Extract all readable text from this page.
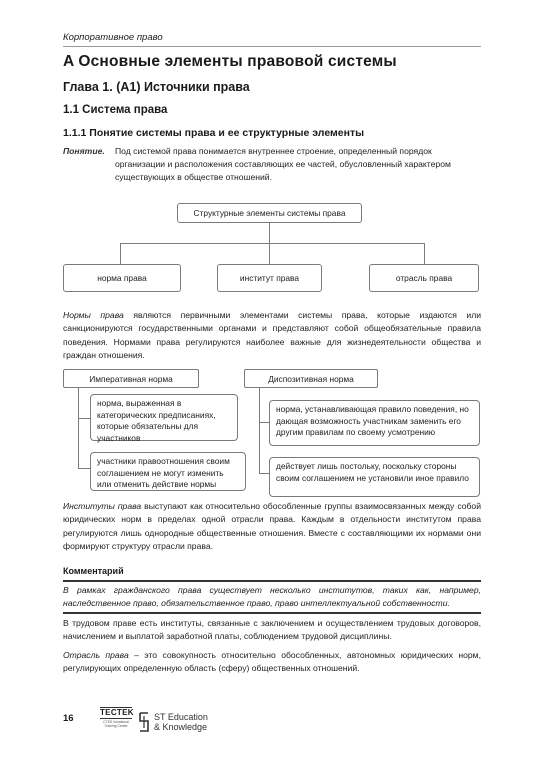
Корпоративное право
A Основные элементы правовой системы
Глава 1. (А1) Источники права
1.1 Система права
1.1.1 Понятие системы права и ее структурные элементы
Понятие. Под системой права понимается внутреннее строение, определенный порядок организации и расположения составляющих ее частей, обусловленный характером существующих в обществе отношений.
Структурные элементы системы права
норма права	институт права	отрасль права
Нормы права являются первичными элементами системы права, которые издаются или санкционируются государственными органами и представляют собой общеобязательные правила поведения. Нормами права регулируются наиболее важные для жизнедеятельности общества и граждан отношения.
Императивная норма
норма, выраженная в категорических предписаниях, которые обязательны для участников
участники правоотношения своим соглашением не могут изменить или отменить действие нормы
Диспозитивная норма
норма, устанавливающая правило поведения, но дающая возможность участникам заменить его другим правилам по своему усмотрению
действует лишь постольку, поскольку стороны своим соглашением не установили иное правило
Институты права выступают как относительно обособленные группы взаимосвязанных между собой юридических норм в пределах одной отрасли права. Каждым в отдельности институтом права регулируются лишь однородные общественные отношения. Вместе с составляющими их нормами они формируют структуру отрасли права.
Комментарий
В рамках гражданского права существует несколько институтов, таких как, например, наследственное право, обязательственное право, право интеллектуальной собственности.
В трудовом праве есть институты, связанные с заключением и осуществлением трудовых договоров, начислением и выплатой заработной платы, соблюдением трудовой дисциплины.
Отрасль права – это совокупность относительно обособленных, автономных юридических норм, регулирующих определенную область (сферу) общественных отношений.
16
TECTEK
CTEK Vocational Training Center
ST Education
& Knowledge
